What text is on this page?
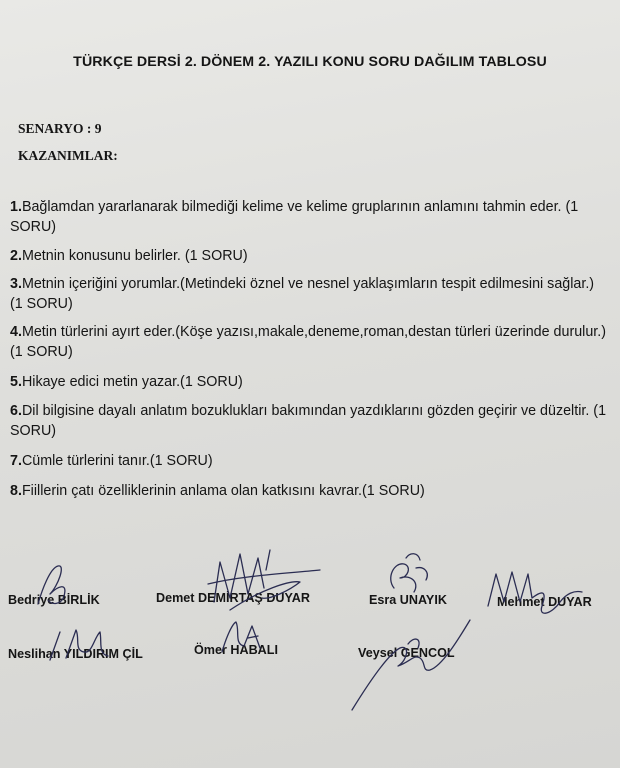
TÜRKÇE DERSİ 2. DÖNEM 2. YAZILI KONU SORU DAĞILIM TABLOSU
SENARYO : 9
KAZANIMLAR:
1.Bağlamdan yararlanarak bilmediği kelime ve kelime gruplarının anlamını tahmin eder. (1 SORU)
2.Metnin konusunu belirler. (1 SORU)
3.Metnin içeriğini yorumlar.(Metindeki öznel ve nesnel yaklaşımların tespit edilmesini sağlar.) (1 SORU)
4.Metin türlerini ayırt eder.(Köşe yazısı,makale,deneme,roman,destan türleri üzerinde durulur.) (1 SORU)
5.Hikaye edici metin yazar.(1 SORU)
6.Dil bilgisine dayalı anlatım bozuklukları bakımından yazdıklarını gözden geçirir ve düzeltir. (1 SORU)
7.Cümle türlerini tanır.(1 SORU)
8.Fiillerin çatı özelliklerinin anlama olan katkısını kavrar.(1 SORU)
Bedriye BİRLİK	Demet DEMİRTAŞ DUYAR	Esra UNAYIK	Mehmet DUYAR
Neslihan YILDIRIM ÇİL	Ömer HABALI	Veysel GENCOL
